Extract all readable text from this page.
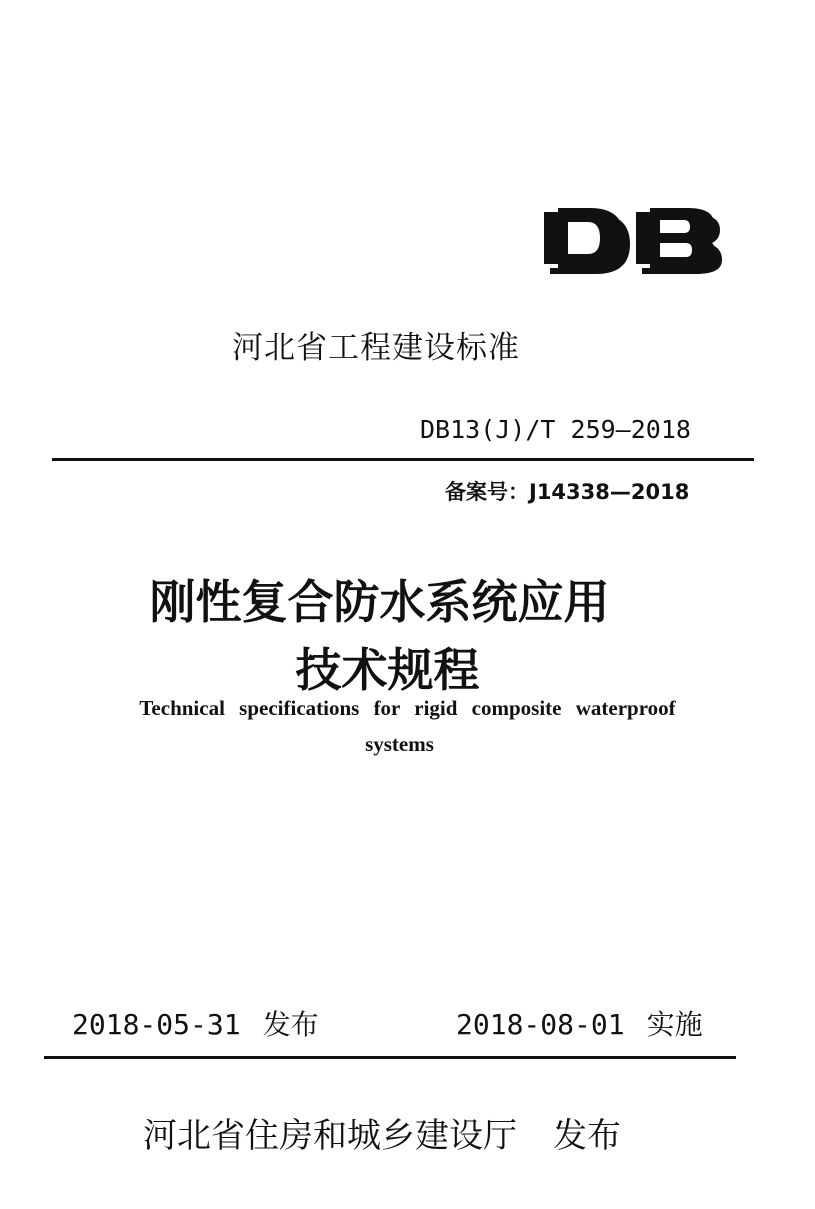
河北省工程建设标准
DB13(J)/T 259—2018
备案号：J14338—2018
刚性复合防水系统应用
技术规程
Technical specifications for rigid composite waterproof
systems
2018-05-31 发布	2018-08-01 实施
河北省住房和城乡建设厅 发布
